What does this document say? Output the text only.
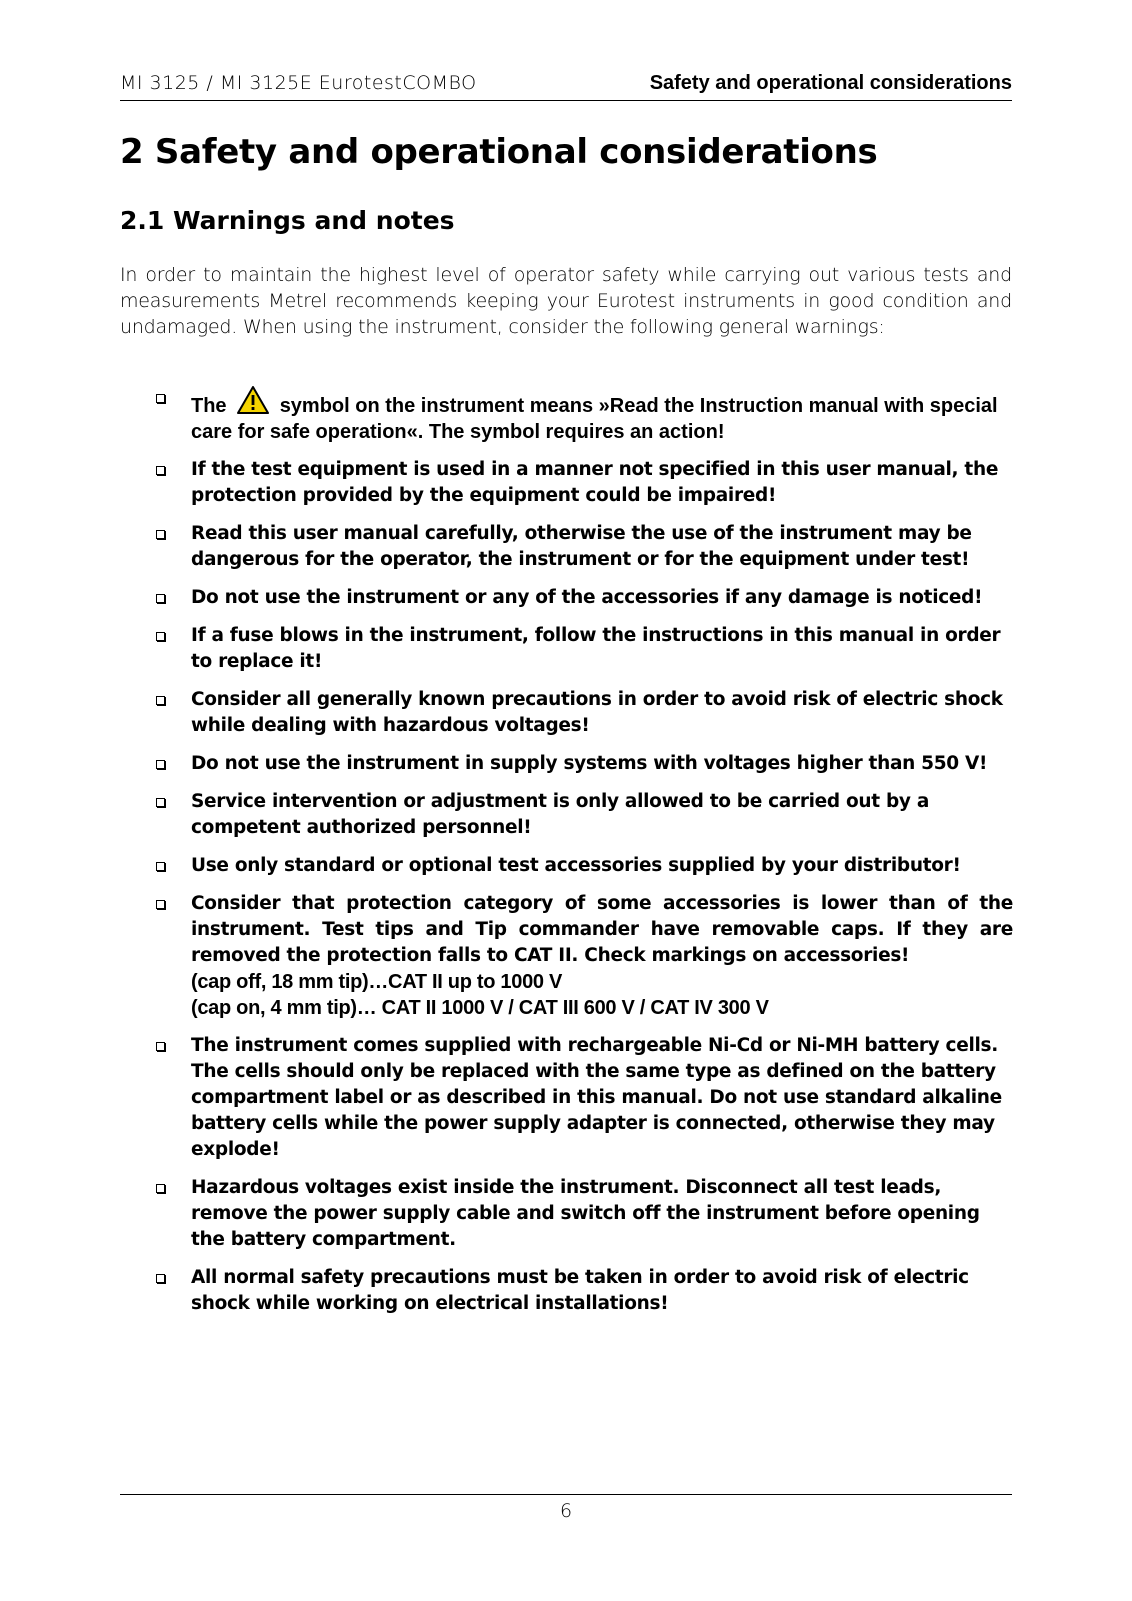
MI 3125 / MI 3125E EurotestCOMBO	Safety and operational considerations
2 Safety and operational considerations
2.1 Warnings and notes

In order to maintain the highest level of operator safety while carrying out various tests and measurements Metrel recommends keeping your Eurotest instruments in good condition and undamaged. When using the instrument, consider the following general warnings:

The	symbol on the instrument means »Read the Instruction manual with special care for safe operation«. The symbol requires an action!
If the test equipment is used in a manner not specified in this user manual, the protection provided by the equipment could be impaired!
Read this user manual carefully, otherwise the use of the instrument may be dangerous for the operator, the instrument or for the equipment under test!
Do not use the instrument or any of the accessories if any damage is noticed!
If a fuse blows in the instrument, follow the instructions in this manual in order to replace it!
Consider all generally known precautions in order to avoid risk of electric shock while dealing with hazardous voltages!
Do not use the instrument in supply systems with voltages higher than 550 V!
Service intervention or adjustment is only allowed to be carried out by a competent authorized personnel!
Use only standard or optional test accessories supplied by your distributor!
Consider that protection category of some accessories is lower than of the instrument. Test tips and Tip commander have removable caps. If they are removed the protection falls to CAT II. Check markings on accessories!
(cap off, 18 mm tip)…CAT II up to 1000 V
(cap on, 4 mm tip)… CAT II 1000 V / CAT III 600 V / CAT IV 300 V
The instrument comes supplied with rechargeable Ni-Cd or Ni-MH battery cells. The cells should only be replaced with the same type as defined on the battery compartment label or as described in this manual. Do not use standard alkaline battery cells while the power supply adapter is connected, otherwise they may explode!
Hazardous voltages exist inside the instrument. Disconnect all test leads, remove the power supply cable and switch off the instrument before opening the battery compartment.
All normal safety precautions must be taken in order to avoid risk of electric shock while working on electrical installations!
6
